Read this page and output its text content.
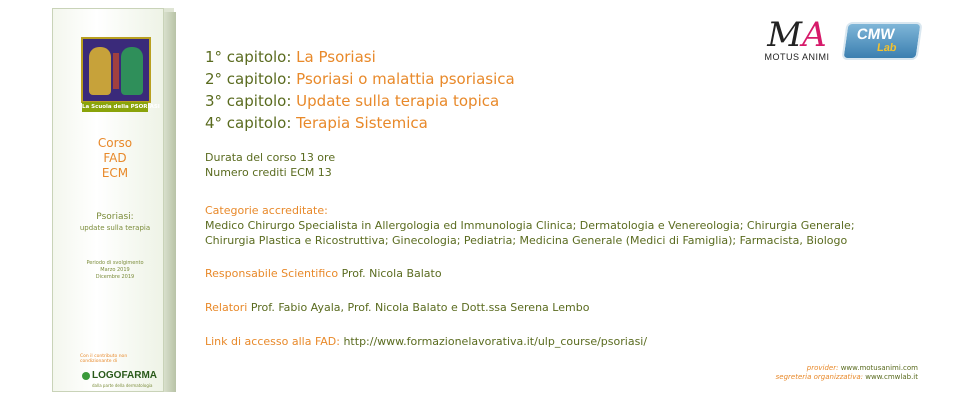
La Scuola della PSORIASI
Corso
FAD
ECM
Psoriasi:
update sulla terapia
Periodo di svolgimento
Marzo 2019
Dicembre 2019
Con il contributo non condizionante di
LOGOFARMA
dalla parte della dermatologia
1° capitolo: La Psoriasi
2° capitolo: Psoriasi o malattia psoriasica
3° capitolo: Update sulla terapia topica
4° capitolo: Terapia Sistemica
Durata del corso 13 ore
Numero crediti ECM 13
Categorie accreditate:
Medico Chirurgo Specialista in Allergologia ed Immunologia Clinica; Dermatologia e Venereologia; Chirurgia Generale;
Chirurgia Plastica e Ricostruttiva; Ginecologia; Pediatria; Medicina Generale (Medici di Famiglia); Farmacista, Biologo
Responsabile Scientifico Prof. Nicola Balato
Relatori Prof. Fabio Ayala, Prof. Nicola Balato e Dott.ssa Serena Lembo
Link di accesso alla FAD: http://www.formazionelavorativa.it/ulp_course/psoriasi/
MA
MOTUS ANIMI
CMW
Lab
provider: www.motusanimi.com
segreteria organizzativa: www.cmwlab.it
